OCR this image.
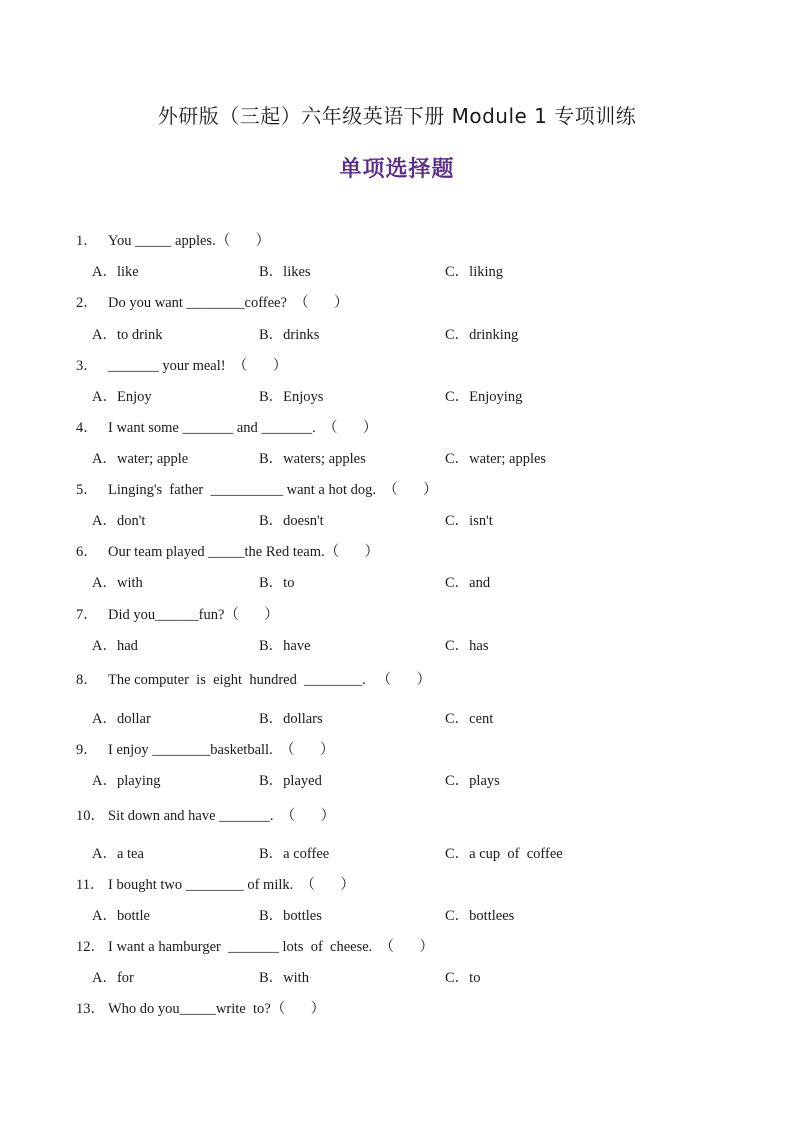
外研版（三起）六年级英语下册 Module 1 专项训练
单项选择题
1． You _____ apples.（       ）
A．like	B．likes	C．liking
2． Do you want ________coffee?  （       ）
A．to drink	B．drinks	C．drinking
3． _______ your meal!  （       ）
A．Enjoy	B．Enjoys	C．Enjoying
4． I want some _______ and _______.  （       ）
A．water; apple	B．waters; apples	C．water; apples
5． Linging's  father  __________ want a hot dog.  （       ）
A．don't	B．doesn't	C．isn't
6． Our team played _____the Red team.（       ）
A．with	B．to	C．and
7． Did you______fun?（       ）
A．had	B．have	C．has
8． The computer  is  eight  hundred  ________.   （       ）
A．dollar	B．dollars	C．cent
9． I enjoy ________basketball.  （       ）
A．playing	B．played	C．plays
10． Sit down and have _______.  （       ）
A．a tea	B．a coffee	C．a cup  of  coffee
11． I bought two ________ of milk.  （       ）
A．bottle	B．bottles	C．bottlees
12． I want a hamburger  _______ lots  of  cheese.  （       ）
A．for	B．with	C．to
13． Who do you_____write  to?（       ）
